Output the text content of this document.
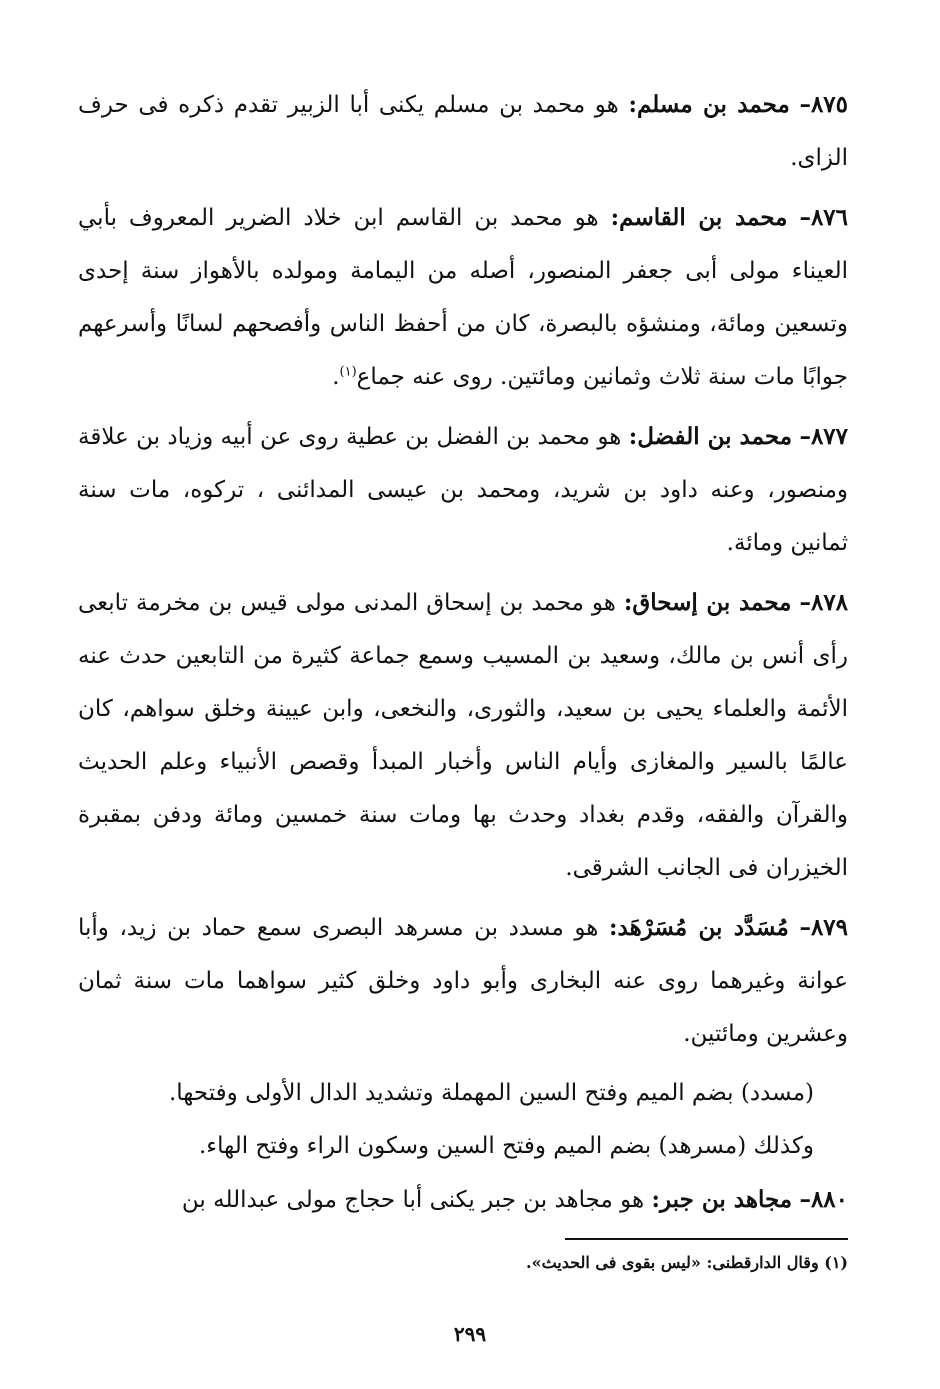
٨٧٥– محمد بن مسلم: هو محمد بن مسلم يكنى أبا الزبير تقدم ذكره فى حرف الزاى.

٨٧٦– محمد بن القاسم: هو محمد بن القاسم ابن خلاد الضرير المعروف بأبي العيناء مولى أبى جعفر المنصور، أصله من اليمامة ومولده بالأهواز سنة إحدى وتسعين ومائة، ومنشؤه بالبصرة، كان من أحفظ الناس وأفصحهم لسانًا وأسرعهم جوابًا مات سنة ثلاث وثمانين ومائتين. روى عنه جماع$^{(١)}$.

٨٧٧– محمد بن الفضل: هو محمد بن الفضل بن عطية روى عن أبيه وزياد بن علاقة ومنصور، وعنه داود بن شريد، ومحمد بن عيسى المدائنى ، تركوه، مات سنة ثمانين ومائة.

٨٧٨– محمد بن إسحاق: هو محمد بن إسحاق المدنى مولى قيس بن مخرمة تابعى رأى أنس بن مالك، وسعيد بن المسيب وسمع جماعة كثيرة من التابعين حدث عنه الأئمة والعلماء يحيى بن سعيد، والثورى، والنخعى، وابن عيينة وخلق سواهم، كان عالمًا بالسير والمغازى وأيام الناس وأخبار المبدأ وقصص الأنبياء وعلم الحديث والقرآن والفقه، وقدم بغداد وحدث بها ومات سنة خمسين ومائة ودفن بمقبرة الخيزران فى الجانب الشرقى.

٨٧٩– مُسَدَّد بن مُسَرْهَد: هو مسدد بن مسرهد البصرى سمع حماد بن زيد، وأبا عوانة وغيرهما روى عنه البخارى وأبو داود وخلق كثير سواهما مات سنة ثمان وعشرين ومائتين.

(مسدد) بضم الميم وفتح السين المهملة وتشديد الدال الأولى وفتحها.

وكذلك (مسرهد) بضم الميم وفتح السين وسكون الراء وفتح الهاء.

٨٨٠– مجاهد بن جبر: هو مجاهد بن جبر يكنى أبا حجاج مولى عبدالله بن

(١) وقال الدارقطنى: «ليس بقوى فى الحديث».
٢٩٩
